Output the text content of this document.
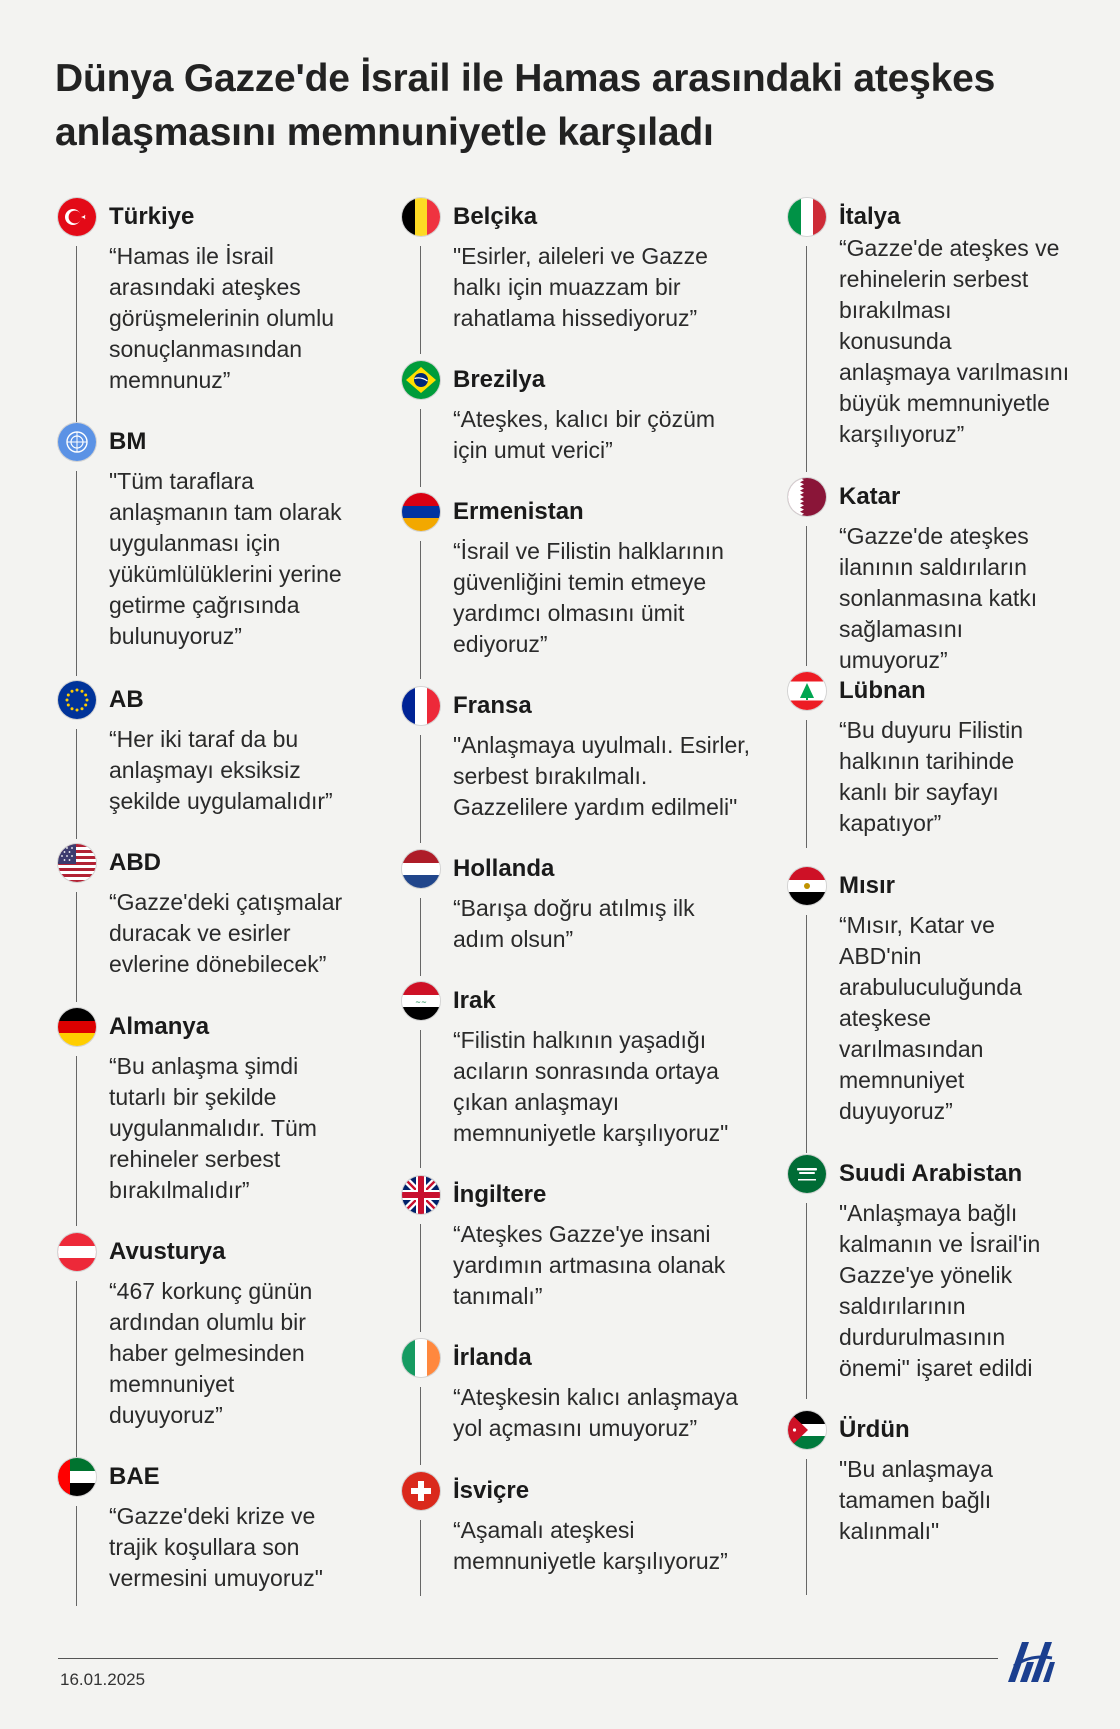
Dünya Gazze'de İsrail ile Hamas arasındaki ateşkes anlaşmasını memnuniyetle karşıladı
Türkiye
“Hamas ile İsrail
arasındaki ateşkes
görüşmelerinin olumlu
sonuçlanmasından
memnunuz”
BM
"Tüm taraflara
anlaşmanın tam olarak
uygulanması için
yükümlülüklerini yerine
getirme çağrısında
bulunuyoruz”
AB
“Her iki taraf da bu
anlaşmayı eksiksiz
şekilde uygulamalıdır”
ABD
“Gazze'deki çatışmalar
duracak ve esirler
evlerine dönebilecek”
Almanya
“Bu anlaşma şimdi
tutarlı bir şekilde
uygulanmalıdır. Tüm
rehineler serbest
bırakılmalıdır”
Avusturya
“467 korkunç günün
ardından olumlu bir
haber gelmesinden
memnuniyet
duyuyoruz”
BAE
“Gazze'deki krize ve
trajik koşullara son
vermesini umuyoruz"
Belçika
"Esirler, aileleri ve Gazze
halkı için muazzam bir
rahatlama hissediyoruz”
Brezilya
“Ateşkes, kalıcı bir çözüm
için umut verici”
Ermenistan
“İsrail ve Filistin halklarının
güvenliğini temin etmeye
yardımcı olmasını ümit
ediyoruz”
Fransa
"Anlaşmaya uyulmalı. Esirler,
serbest bırakılmalı.
Gazzelilere yardım edilmeli"
Hollanda
“Barışa doğru atılmış ilk
adım olsun”
~~ Irak
“Filistin halkının yaşadığı
acıların sonrasında ortaya
çıkan anlaşmayı
memnuniyetle karşılıyoruz"
İngiltere
“Ateşkes Gazze'ye insani
yardımın artmasına olanak
tanımalı”
İrlanda
“Ateşkesin kalıcı anlaşmaya
yol açmasını umuyoruz”
İsviçre
“Aşamalı ateşkesi
memnuniyetle karşılıyoruz”
İtalya
“Gazze'de ateşkes ve
rehinelerin serbest
bırakılması
konusunda
anlaşmaya varılmasını
büyük memnuniyetle
karşılıyoruz”
Katar
“Gazze'de ateşkes
ilanının saldırıların
sonlanmasına katkı
sağlamasını
umuyoruz”
Lübnan
“Bu duyuru Filistin
halkının tarihinde
kanlı bir sayfayı
kapatıyor”
Mısır
“Mısır, Katar ve
ABD'nin
arabuluculuğunda
ateşkese
varılmasından
memnuniyet
duyuyoruz”
Suudi Arabistan
"Anlaşmaya bağlı
kalmanın ve İsrail'in
Gazze'ye yönelik
saldırılarının
durdurulmasının
önemi" işaret edildi
Ürdün
"Bu anlaşmaya
tamamen bağlı
kalınmalı"
16.01.2025
